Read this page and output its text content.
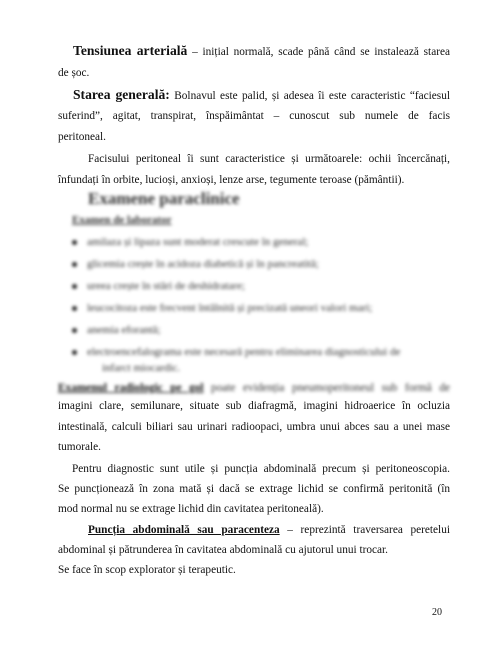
Tensiunea arterială – inițial normală, scade până când se instalează starea
de șoc.
Starea generală: Bolnavul este palid, și adesea îi este caracteristic “faciesul
suferind”, agitat, transpirat, înspăimântat – cunoscut sub numele de facis
peritoneal.
Facisului peritoneal îi sunt caracteristice și următoarele: ochii încercănați,
înfundați în orbite, lucioși, anxioși, lenze arse, tegumente teroase (pământii).
Examene paraclinice
Examen de laborator
amilaza și lipaza sunt moderat crescute în general;
glicemia crește în acidoza diabetică și în pancreatită;
ureea crește în stări de deshidratare;
leucocitoza este frecvent întâlnită și precizată uneori valori mari;
anemia eforantă;
electroencefalograma este necesară pentru eliminarea diagnosticului de
infarct miocardic.
Examenul radiologic pe gol poate evidenția pneumoperitoneul sub formă de
imagini clare, semilunare, situate sub diafragmă, imagini hidroaerice în ocluzia
intestinală, calculi biliari sau urinari radioopaci, umbra unui abces sau a unei mase
tumorale.
Pentru diagnostic sunt utile și puncția abdominală precum și peritoneoscopia.
Se puncționează în zona mată și dacă se extrage lichid se confirmă peritonită (în
mod normal nu se extrage lichid din cavitatea peritoneală).
Puncția abdominală sau paracenteza – reprezintă traversarea peretelui
abdominal și pătrunderea în cavitatea abdominală cu ajutorul unui trocar.
Se face în scop explorator și terapeutic.
20
